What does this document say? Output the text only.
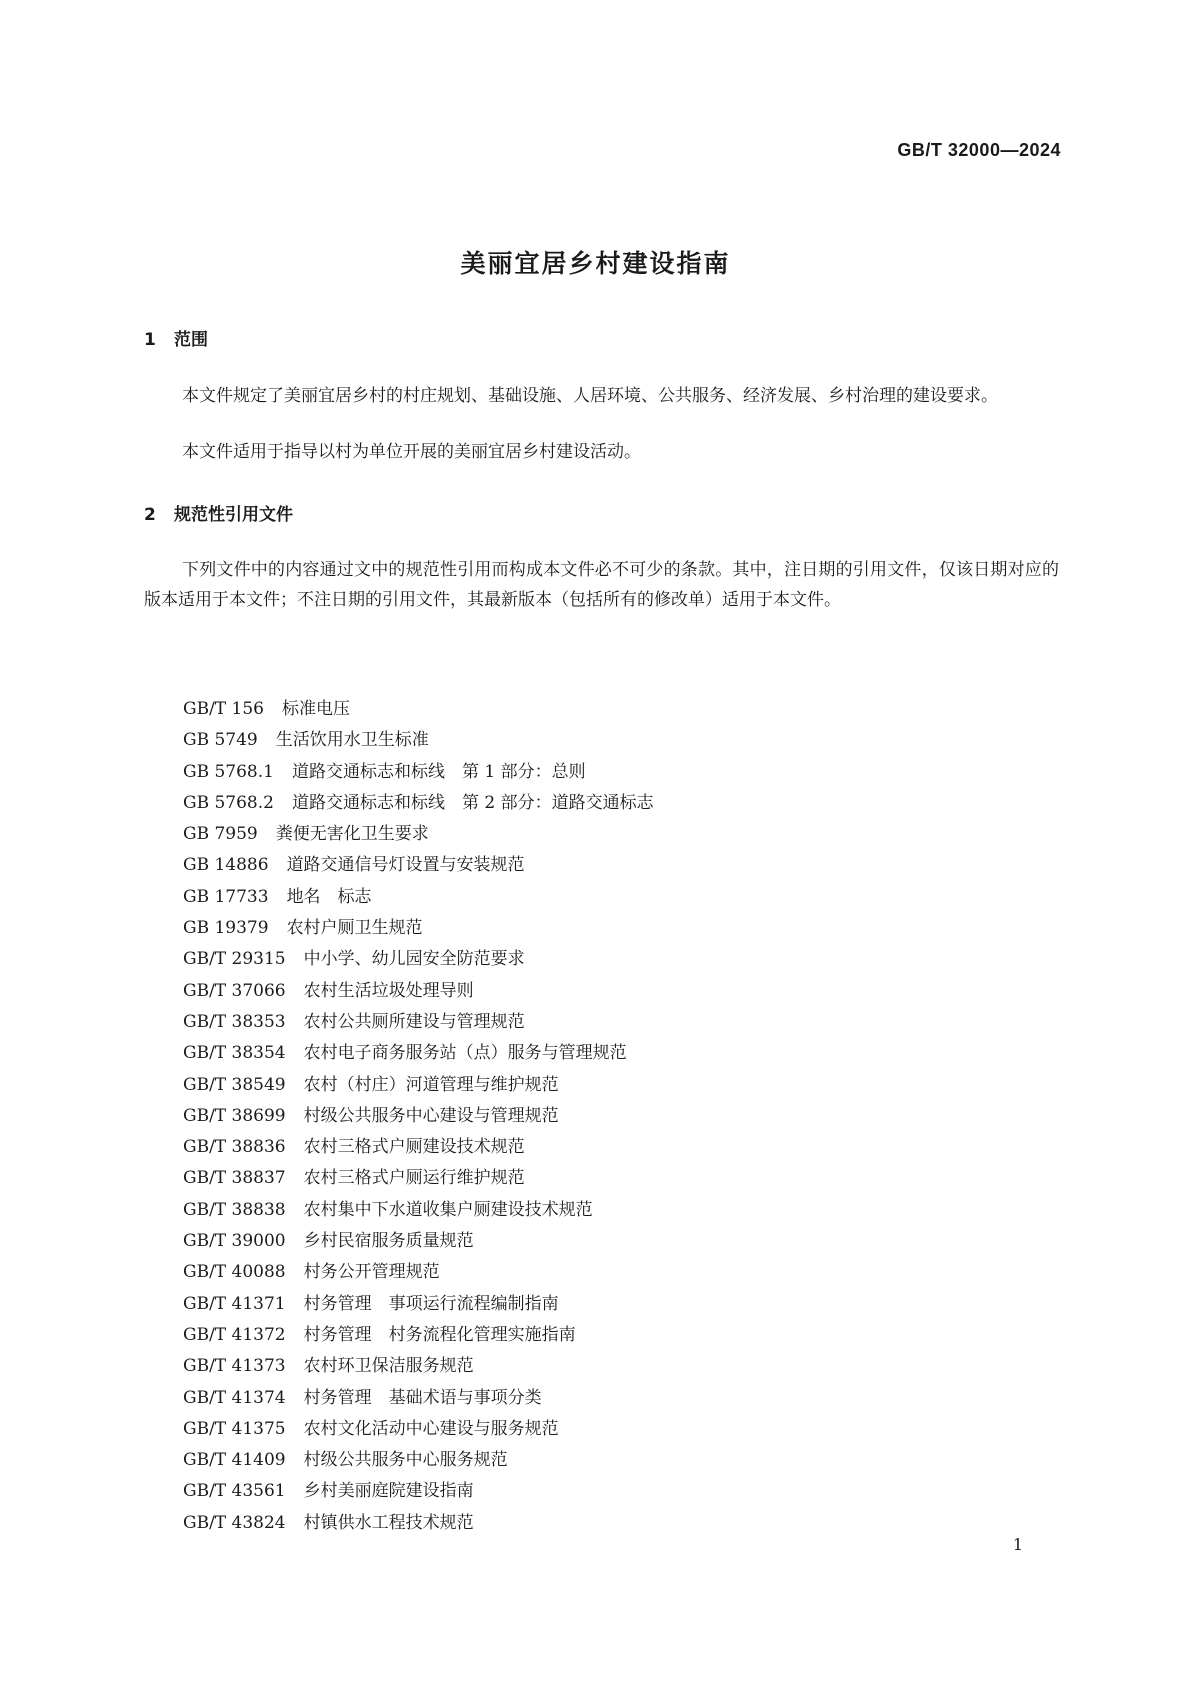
GB/T 32000—2024
美丽宜居乡村建设指南
1 范围

本文件规定了美丽宜居乡村的村庄规划、基础设施、人居环境、公共服务、经济发展、乡村治理的建设要求。

本文件适用于指导以村为单位开展的美丽宜居乡村建设活动。

2 规范性引用文件

下列文件中的内容通过文中的规范性引用而构成本文件必不可少的条款。其中，注日期的引用文件，仅该日期对应的版本适用于本文件；不注日期的引用文件，其最新版本（包括所有的修改单）适用于本文件。

GB/T 156 标准电压
GB 5749 生活饮用水卫生标准
GB 5768.1 道路交通标志和标线　第 1 部分：总则
GB 5768.2 道路交通标志和标线　第 2 部分：道路交通标志
GB 7959 粪便无害化卫生要求
GB 14886 道路交通信号灯设置与安装规范
GB 17733 地名　标志
GB 19379 农村户厕卫生规范
GB/T 29315 中小学、幼儿园安全防范要求
GB/T 37066 农村生活垃圾处理导则
GB/T 38353 农村公共厕所建设与管理规范
GB/T 38354 农村电子商务服务站（点）服务与管理规范
GB/T 38549 农村（村庄）河道管理与维护规范
GB/T 38699 村级公共服务中心建设与管理规范
GB/T 38836 农村三格式户厕建设技术规范
GB/T 38837 农村三格式户厕运行维护规范
GB/T 38838 农村集中下水道收集户厕建设技术规范
GB/T 39000 乡村民宿服务质量规范
GB/T 40088 村务公开管理规范
GB/T 41371 村务管理　事项运行流程编制指南
GB/T 41372 村务管理　村务流程化管理实施指南
GB/T 41373 农村环卫保洁服务规范
GB/T 41374 村务管理　基础术语与事项分类
GB/T 41375 农村文化活动中心建设与服务规范
GB/T 41409 村级公共服务中心服务规范
GB/T 43561 乡村美丽庭院建设指南
GB/T 43824 村镇供水工程技术规范
1
